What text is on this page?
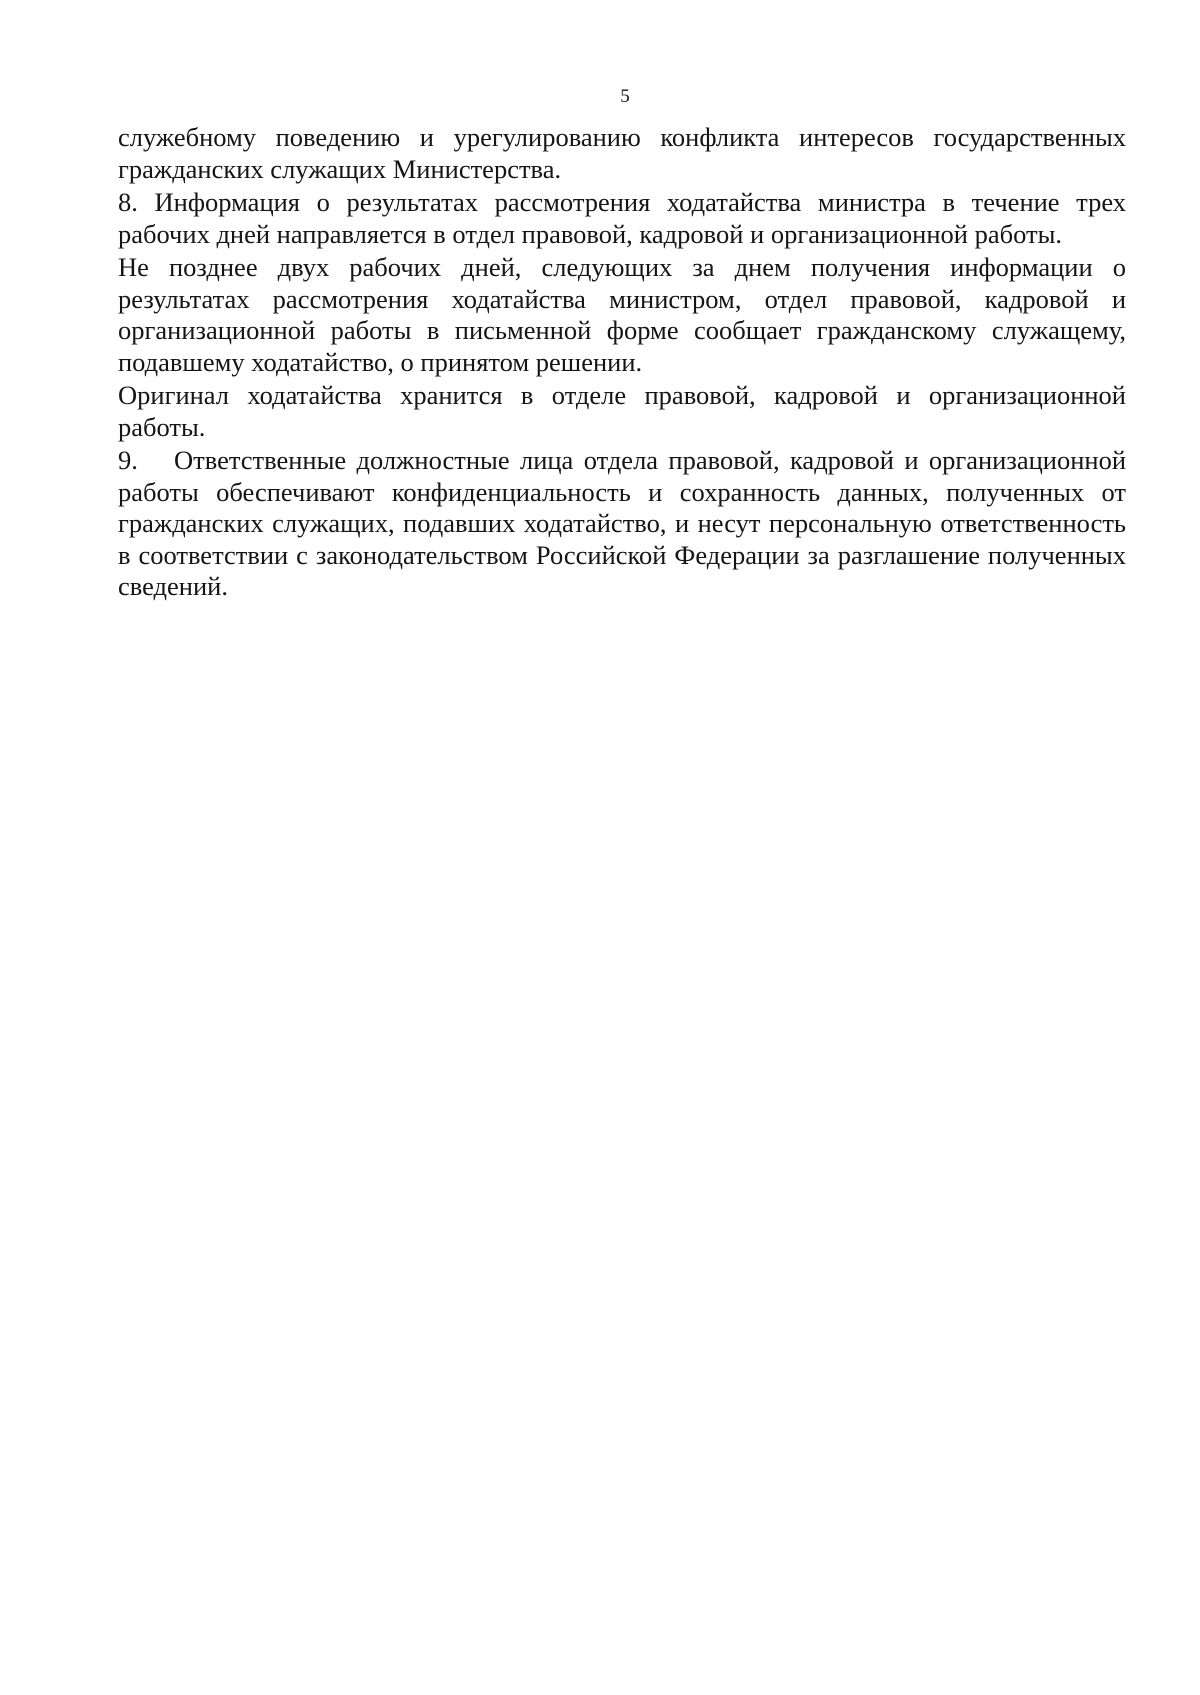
5

служебному поведению и урегулированию конфликта интересов государственных гражданских служащих Министерства.

8. Информация о результатах рассмотрения ходатайства министра в течение трех рабочих дней направляется в отдел правовой, кадровой и организационной работы.

Не позднее двух рабочих дней, следующих за днем получения информации о результатах рассмотрения ходатайства министром, отдел правовой, кадровой и организационной работы в письменной форме сообщает гражданскому служащему, подавшему ходатайство, о принятом решении.

Оригинал ходатайства хранится в отделе правовой, кадровой и организационной работы.

9. Ответственные должностные лица отдела правовой, кадровой и организационной работы обеспечивают конфиденциальность и сохранность данных, полученных от гражданских служащих, подавших ходатайство, и несут персональную ответственность в соответствии с законодательством Российской Федерации за разглашение полученных сведений.
